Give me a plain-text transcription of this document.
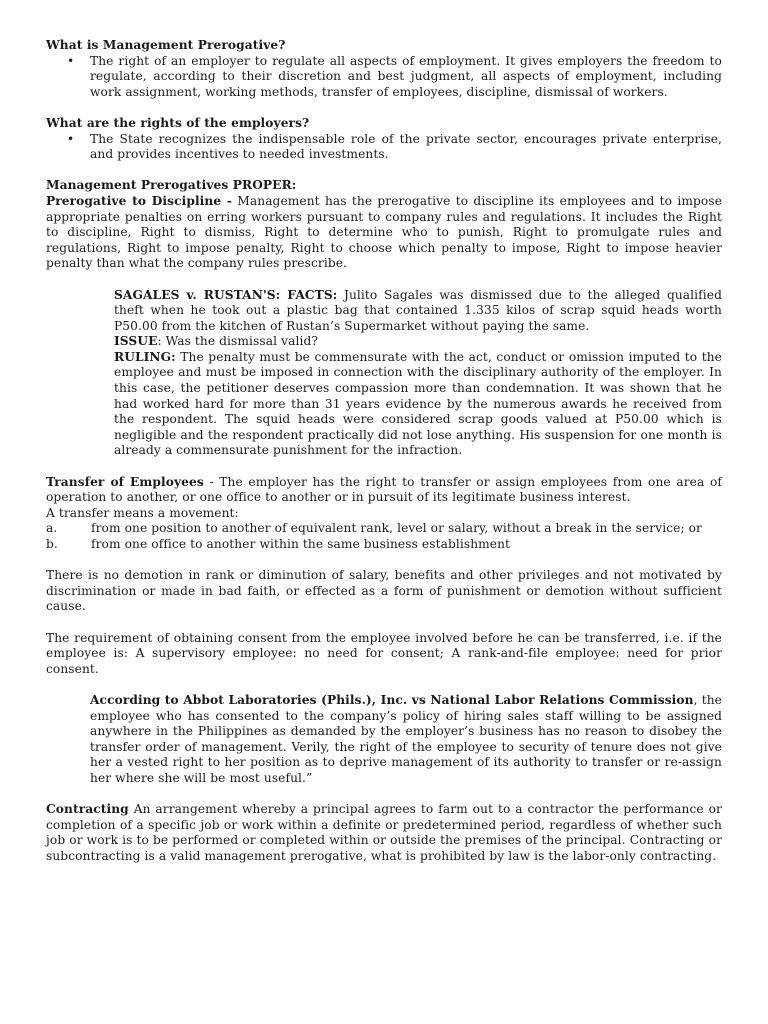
What is Management Prerogative?

• The right of an employer to regulate all aspects of employment. It gives employers the freedom to regulate, according to their discretion and best judgment, all aspects of employment, including work assignment, working methods, transfer of employees, discipline, dismissal of workers.

What are the rights of the employers?

• The State recognizes the indispensable role of the private sector, encourages private enterprise, and provides incentives to needed investments.

Management Prerogatives PROPER:

Prerogative to Discipline - Management has the prerogative to discipline its employees and to impose appropriate penalties on erring workers pursuant to company rules and regulations. It includes the Right to discipline, Right to dismiss, Right to determine who to punish, Right to promulgate rules and regulations, Right to impose penalty, Right to choose which penalty to impose, Right to impose heavier penalty than what the company rules prescribe.

SAGALES v. RUSTAN'S: FACTS: Julito Sagales was dismissed due to the alleged qualified theft when he took out a plastic bag that contained 1.335 kilos of scrap squid heads worth P50.00 from the kitchen of Rustan’s Supermarket without paying the same.

ISSUE: Was the dismissal valid?

RULING: The penalty must be commensurate with the act, conduct or omission imputed to the employee and must be imposed in connection with the disciplinary authority of the employer. In this case, the petitioner deserves compassion more than condemnation. It was shown that he had worked hard for more than 31 years evidence by the numerous awards he received from the respondent. The squid heads were considered scrap goods valued at P50.00 which is negligible and the respondent practically did not lose anything. His suspension for one month is already a commensurate punishment for the infraction.

Transfer of Employees - The employer has the right to transfer or assign employees from one area of operation to another, or one office to another or in pursuit of its legitimate business interest.

A transfer means a movement:

a.	from one position to another of equivalent rank, level or salary, without a break in the service; or
b.	from one office to another within the same business establishment

There is no demotion in rank or diminution of salary, benefits and other privileges and not motivated by discrimination or made in bad faith, or effected as a form of punishment or demotion without sufficient cause.

The requirement of obtaining consent from the employee involved before he can be transferred, i.e. if the employee is: A supervisory employee: no need for consent; A rank-and-file employee: need for prior consent.

According to Abbot Laboratories (Phils.), Inc. vs National Labor Relations Commission, the employee who has consented to the company’s policy of hiring sales staff willing to be assigned anywhere in the Philippines as demanded by the employer’s business has no reason to disobey the transfer order of management. Verily, the right of the employee to security of tenure does not give her a vested right to her position as to deprive management of its authority to transfer or re-assign her where she will be most useful.”

Contracting An arrangement whereby a principal agrees to farm out to a contractor the performance or completion of a specific job or work within a definite or predetermined period, regardless of whether such job or work is to be performed or completed within or outside the premises of the principal. Contracting or subcontracting is a valid management prerogative, what is prohibited by law is the labor-only contracting.
